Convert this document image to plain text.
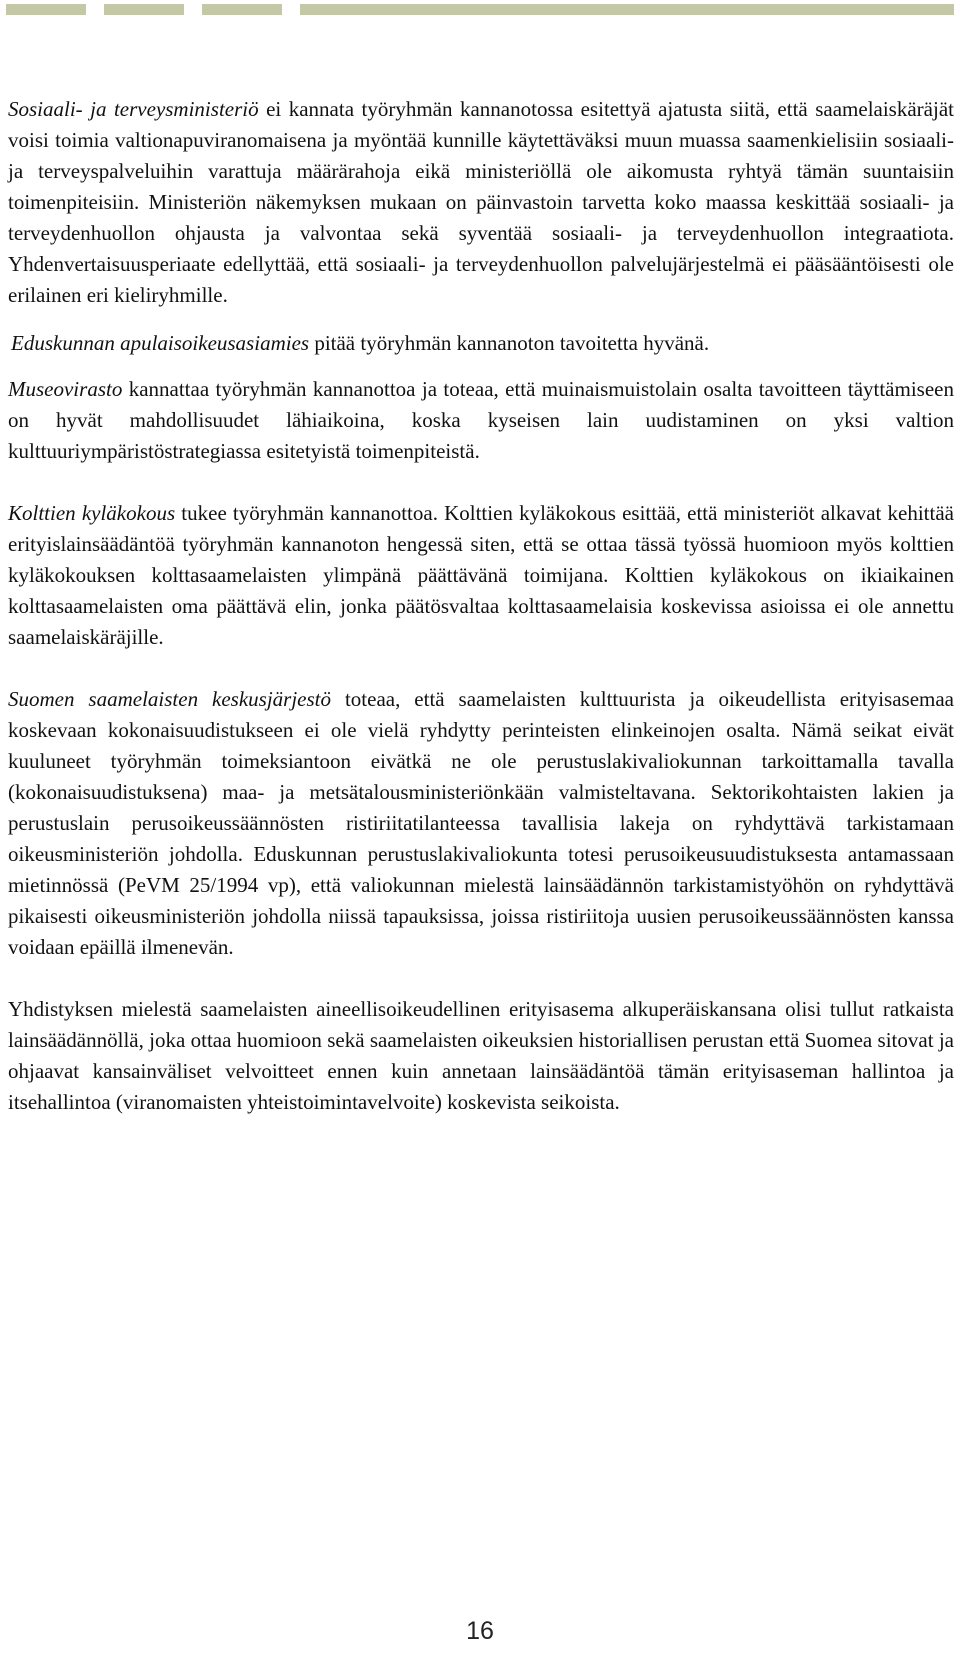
Sosiaali- ja terveysministeriö ei kannata työryhmän kannanotossa esitettyä ajatusta siitä, että saamelaiskäräjät voisi toimia valtionapuviranomaisena ja myöntää kunnille käytettäväksi muun muassa saamenkielisiin sosiaali- ja terveyspalveluihin varattuja määrärahoja eikä ministeriöllä ole aikomusta ryhtyä tämän suuntaisiin toimenpiteisiin. Ministeriön näkemyksen mukaan on päinvastoin tarvetta koko maassa keskittää sosiaali- ja terveydenhuollon ohjausta ja valvontaa sekä syventää sosiaali- ja terveydenhuollon integraatiota. Yhdenvertaisuusperiaate edellyttää, että sosiaali- ja terveydenhuollon palvelujärjestelmä ei pääsääntöisesti ole erilainen eri kieliryhmille.

Eduskunnan apulaisoikeusasiamies pitää työryhmän kannanoton tavoitetta hyvänä.

Museovirasto kannattaa työryhmän kannanottoa ja toteaa, että muinaismuistolain osalta tavoitteen täyttämiseen on hyvät mahdollisuudet lähiaikoina, koska kyseisen lain uudistaminen on yksi valtion kulttuuriympäristöstrategiassa esitetyistä toimenpiteistä.

Kolttien kyläkokous tukee työryhmän kannanottoa. Kolttien kyläkokous esittää, että ministeriöt alkavat kehittää erityislainsäädäntöä työryhmän kannanoton hengessä siten, että se ottaa tässä työssä huomioon myös kolttien kyläkokouksen kolttasaamelaisten ylimpänä päättävänä toimijana. Kolttien kyläkokous on ikiaikainen kolttasaamelaisten oma päättävä elin, jonka päätösvaltaa kolttasaamelaisia koskevissa asioissa ei ole annettu saamelaiskäräjille.

Suomen saamelaisten keskusjärjestö toteaa, että saamelaisten kulttuurista ja oikeudellista erityisasemaa koskevaan kokonaisuudistukseen ei ole vielä ryhdytty perinteisten elinkeinojen osalta. Nämä seikat eivät kuuluneet työryhmän toimeksiantoon eivätkä ne ole perustuslakivaliokunnan tarkoittamalla tavalla (kokonaisuudistuksena) maa- ja metsätalousministeriönkään valmisteltavana. Sektorikohtaisten lakien ja perustuslain perusoikeussäännösten ristiriitatilanteessa tavallisia lakeja on ryhdyttävä tarkistamaan oikeusministeriön johdolla. Eduskunnan perustuslakivaliokunta totesi perusoikeusuudistuksesta antamassaan mietinnössä (PeVM 25/1994 vp), että valiokunnan mielestä lainsäädännön tarkistamistyöhön on ryhdyttävä pikaisesti oikeusministeriön johdolla niissä tapauksissa, joissa ristiriitoja uusien perusoikeussäännösten kanssa voidaan epäillä ilmenevän.

Yhdistyksen mielestä saamelaisten aineellisoikeudellinen erityisasema alkuperäiskansana olisi tullut ratkaista lainsäädännöllä, joka ottaa huomioon sekä saamelaisten oikeuksien historiallisen perustan että Suomea sitovat ja ohjaavat kansainväliset velvoitteet ennen kuin annetaan lainsäädäntöä tämän erityisaseman hallintoa ja itsehallintoa (viranomaisten yhteistoimintavelvoite) koskevista seikoista.

16
